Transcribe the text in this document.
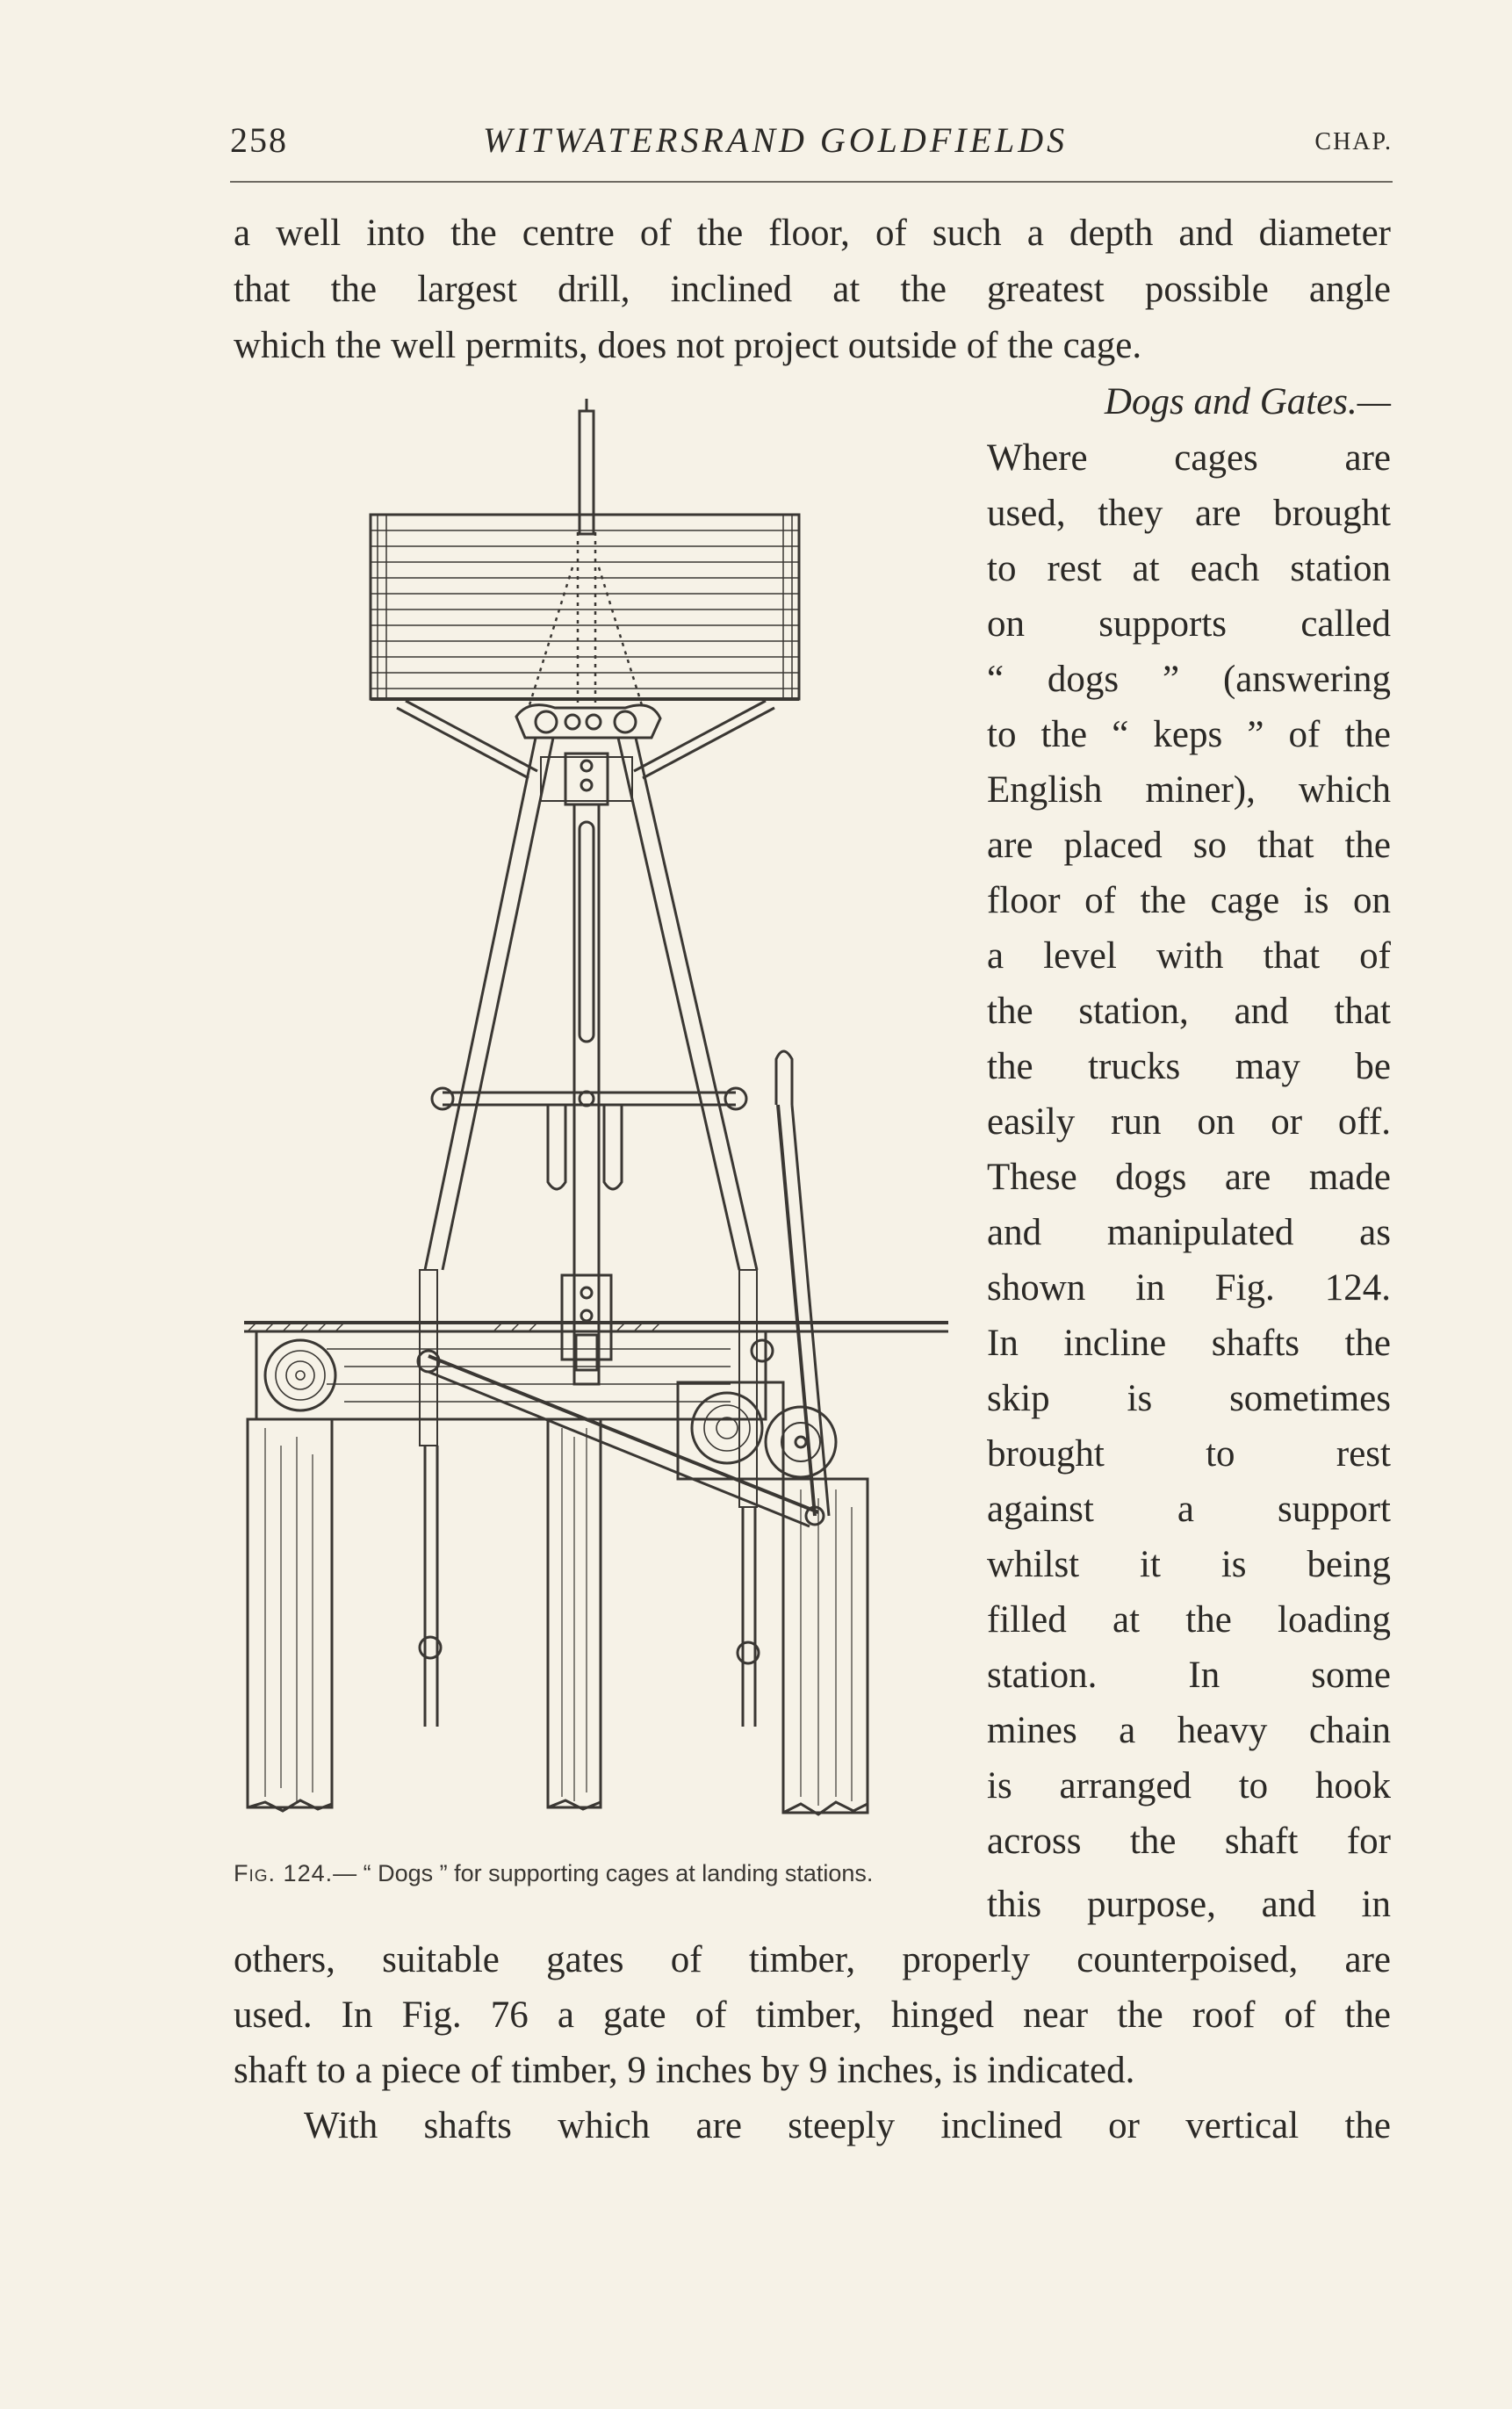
258	WITWATERSRAND GOLDFIELDS	CHAP.
a well into the centre of the floor, of such a depth and diameter
that the largest drill, inclined at the greatest possible angle
which the well permits, does not project outside of the cage.
Dogs and Gates.—
Where cages are
used, they are brought
to rest at each station
on supports called
“ dogs ” (answering
to the “ keps ” of the
English miner), which
are placed so that the
floor of the cage is on
a level with that of
the station, and that
the trucks may be
easily run on or off.
These dogs are made
and manipulated as
shown in Fig. 124.
In incline shafts the
skip is sometimes
brought to rest
against a support
whilst it is being
filled at the loading
station. In some
mines a heavy chain
is arranged to hook
across the shaft for
this purpose, and in
others, suitable gates of timber, properly counterpoised, are
used. In Fig. 76 a gate of timber, hinged near the roof of the
shaft to a piece of timber, 9 inches by 9 inches, is indicated.
With shafts which are steeply inclined or vertical the
Fig. 124.— “ Dogs ” for supporting cages at landing stations.
